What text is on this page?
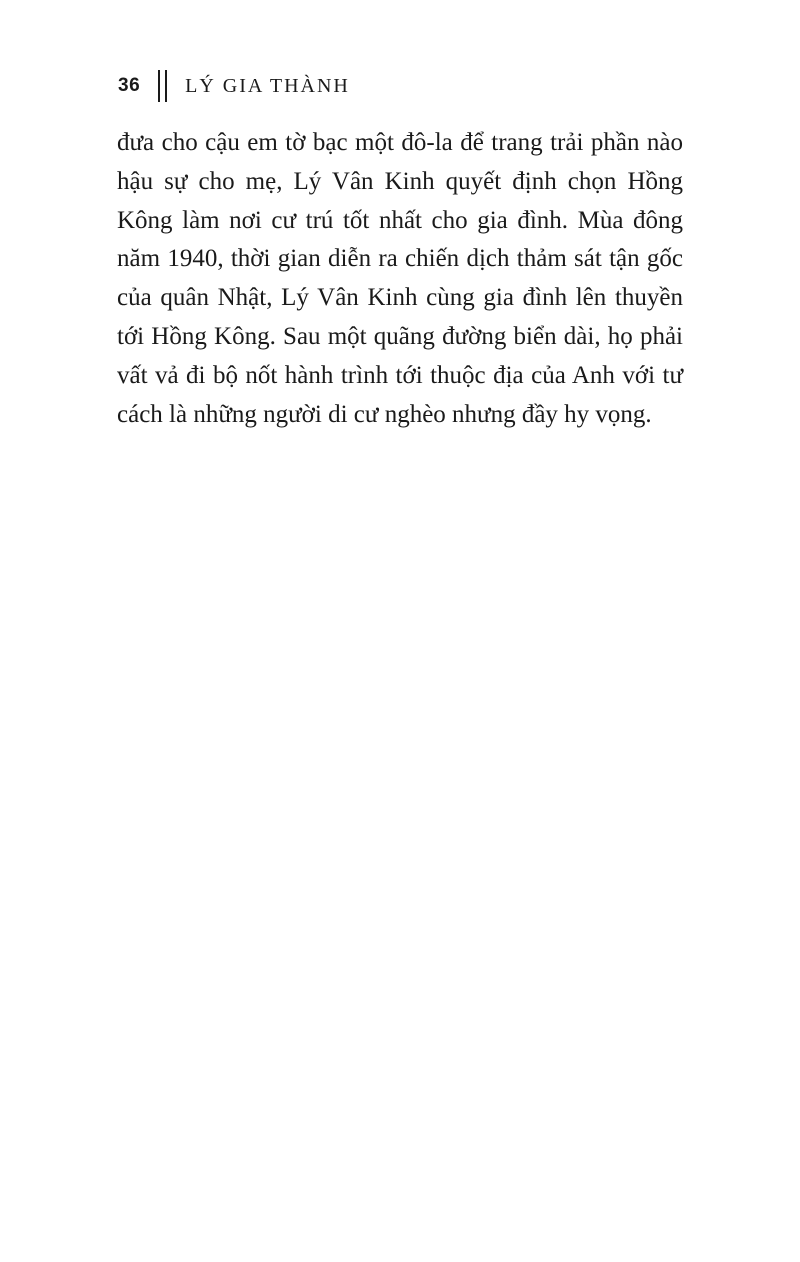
36 LÝ GIA THÀNH

đưa cho cậu em tờ bạc một đô-la để trang trải phần nào hậu sự cho mẹ, Lý Vân Kinh quyết định chọn Hồng Kông làm nơi cư trú tốt nhất cho gia đình. Mùa đông năm 1940, thời gian diễn ra chiến dịch thảm sát tận gốc của quân Nhật, Lý Vân Kinh cùng gia đình lên thuyền tới Hồng Kông. Sau một quãng đường biển dài, họ phải vất vả đi bộ nốt hành trình tới thuộc địa của Anh với tư cách là những người di cư nghèo nhưng đầy hy vọng.
